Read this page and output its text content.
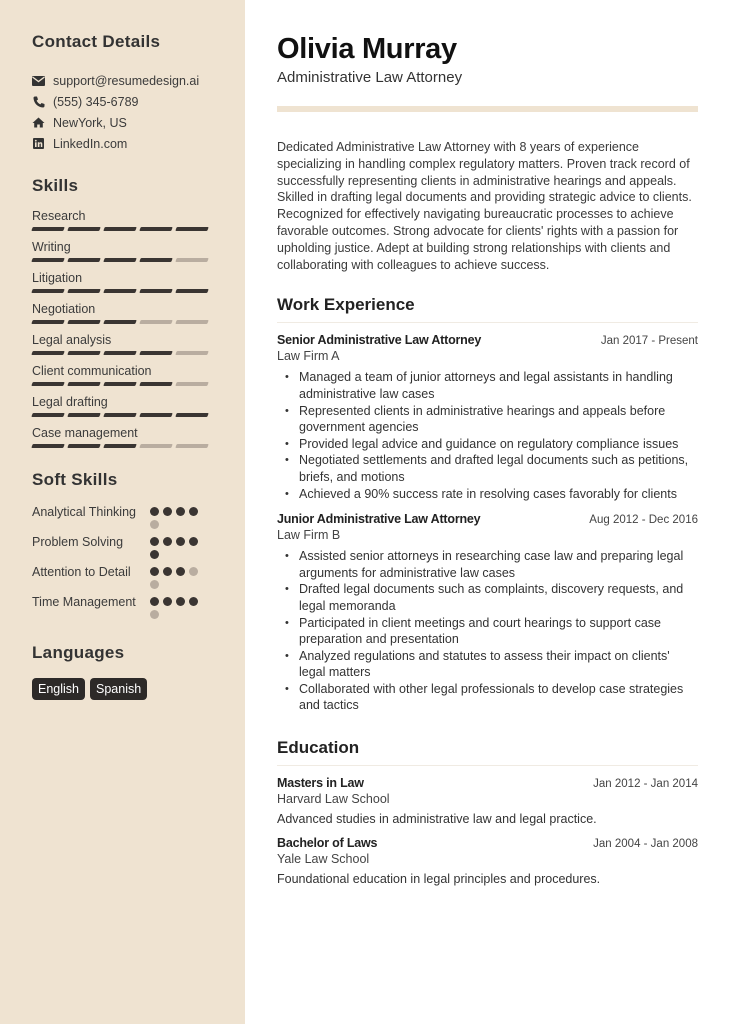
Contact Details
support@resumedesign.ai
(555) 345-6789
NewYork, US
LinkedIn.com
Skills
Research
Writing
Litigation
Negotiation
Legal analysis
Client communication
Legal drafting
Case management
Soft Skills
Analytical Thinking
Problem Solving
Attention to Detail
Time Management
Languages
English	Spanish
Olivia Murray
Administrative Law Attorney

Dedicated Administrative Law Attorney with 8 years of experience specializing in handling complex regulatory matters. Proven track record of successfully representing clients in administrative hearings and appeals. Skilled in drafting legal documents and providing strategic advice to clients. Recognized for effectively navigating bureaucratic processes to achieve favorable outcomes. Strong advocate for clients' rights with a passion for upholding justice. Adept at building strong relationships with clients and collaborating with colleagues to achieve success.

Work Experience
Senior Administrative Law Attorney	Jan 2017 - Present
Law Firm A
• Managed a team of junior attorneys and legal assistants in handling administrative law cases
• Represented clients in administrative hearings and appeals before government agencies
• Provided legal advice and guidance on regulatory compliance issues
• Negotiated settlements and drafted legal documents such as petitions, briefs, and motions
• Achieved a 90% success rate in resolving cases favorably for clients
Junior Administrative Law Attorney	Aug 2012 - Dec 2016
Law Firm B
• Assisted senior attorneys in researching case law and preparing legal arguments for administrative law cases
• Drafted legal documents such as complaints, discovery requests, and legal memoranda
• Participated in client meetings and court hearings to support case preparation and presentation
• Analyzed regulations and statutes to assess their impact on clients' legal matters
• Collaborated with other legal professionals to develop case strategies and tactics
Education
Masters in Law	Jan 2012 - Jan 2014
Harvard Law School
Advanced studies in administrative law and legal practice.
Bachelor of Laws	Jan 2004 - Jan 2008
Yale Law School
Foundational education in legal principles and procedures.
